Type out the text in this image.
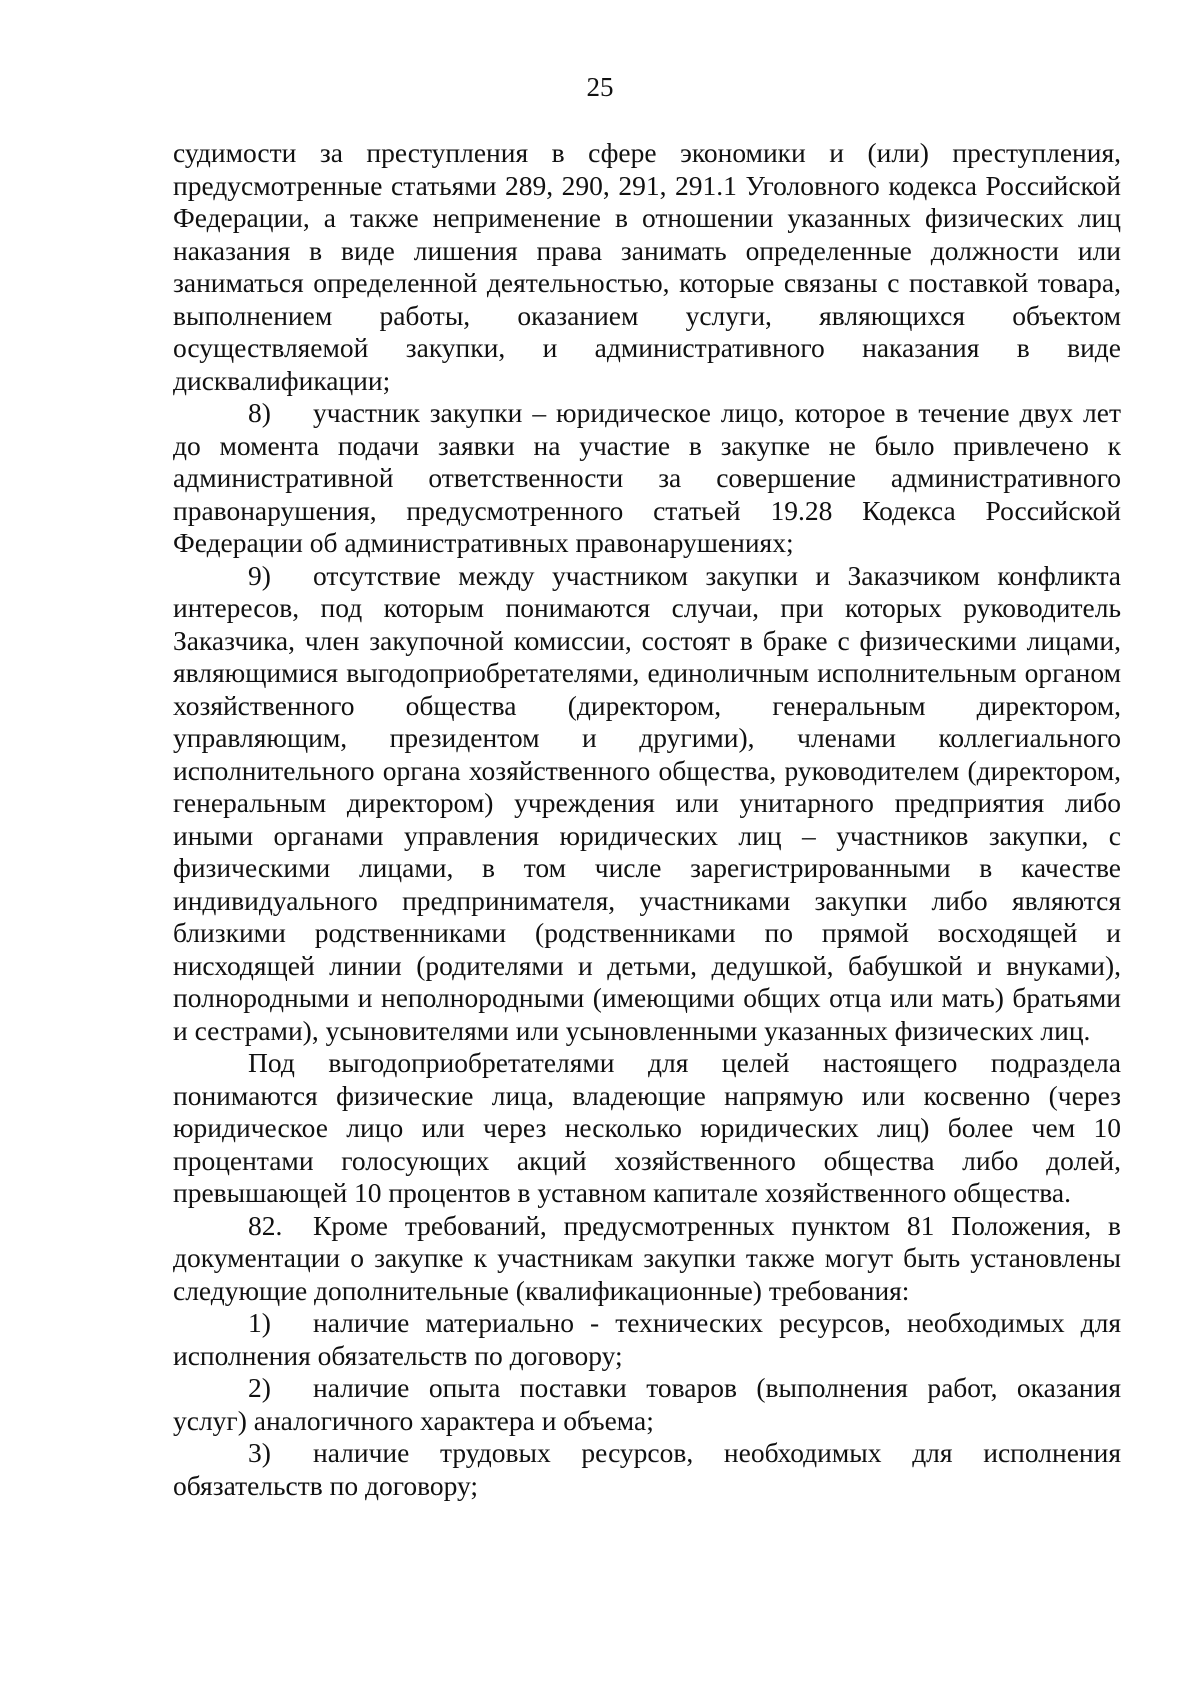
25

судимости за преступления в сфере экономики и (или) преступления, предусмотренные статьями 289, 290, 291, 291.1 Уголовного кодекса Российской Федерации, а также неприменение в отношении указанных физических лиц наказания в виде лишения права занимать определенные должности или заниматься определенной деятельностью, которые связаны с поставкой товара, выполнением работы, оказанием услуги, являющихся объектом осуществляемой закупки, и административного наказания в виде дисквалификации;

8) участник закупки – юридическое лицо, которое в течение двух лет до момента подачи заявки на участие в закупке не было привлечено к административной ответственности за совершение административного правонарушения, предусмотренного статьей 19.28 Кодекса Российской Федерации об административных правонарушениях;

9) отсутствие между участником закупки и Заказчиком конфликта интересов, под которым понимаются случаи, при которых руководитель Заказчика, член закупочной комиссии, состоят в браке с физическими лицами, являющимися выгодоприобретателями, единоличным исполнительным органом хозяйственного общества (директором, генеральным директором, управляющим, президентом и другими), членами коллегиального исполнительного органа хозяйственного общества, руководителем (директором, генеральным директором) учреждения или унитарного предприятия либо иными органами управления юридических лиц – участников закупки, с физическими лицами, в том числе зарегистрированными в качестве индивидуального предпринимателя, участниками закупки либо являются близкими родственниками (родственниками по прямой восходящей и нисходящей линии (родителями и детьми, дедушкой, бабушкой и внуками), полнородными и неполнородными (имеющими общих отца или мать) братьями и сестрами), усыновителями или усыновленными указанных физических лиц.

Под выгодоприобретателями для целей настоящего подраздела понимаются физические лица, владеющие напрямую или косвенно (через юридическое лицо или через несколько юридических лиц) более чем 10 процентами голосующих акций хозяйственного общества либо долей, превышающей 10 процентов в уставном капитале хозяйственного общества.

82. Кроме требований, предусмотренных пунктом 81 Положения, в документации о закупке к участникам закупки также могут быть установлены следующие дополнительные (квалификационные) требования:

1) наличие материально - технических ресурсов, необходимых для исполнения обязательств по договору;

2) наличие опыта поставки товаров (выполнения работ, оказания услуг) аналогичного характера и объема;

3) наличие трудовых ресурсов, необходимых для исполнения обязательств по договору;
